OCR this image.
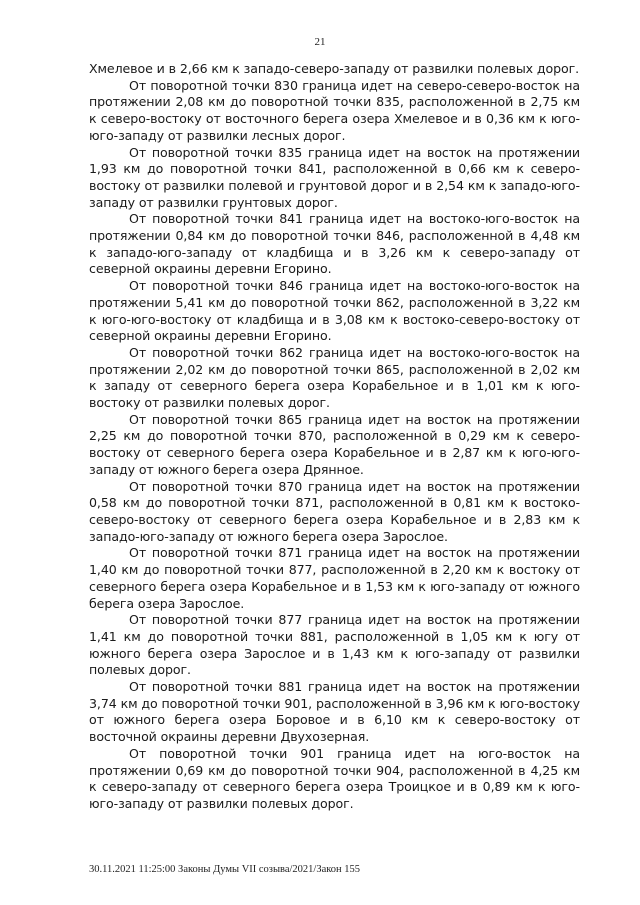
21

Хмелевое и в 2,66 км к западо-северо-западу от развилки полевых дорог.

От поворотной точки 830 граница идет на северо-северо-восток на протяжении 2,08 км до поворотной точки 835, расположенной в 2,75 км к северо-востоку от восточного берега озера Хмелевое и в 0,36 км к юго-юго-западу от развилки лесных дорог.

От поворотной точки 835 граница идет на восток на протяжении 1,93 км до поворотной точки 841, расположенной в 0,66 км к северо-востоку от развилки полевой и грунтовой дорог и в 2,54 км к западо-юго-западу от развилки грунтовых дорог.

От поворотной точки 841 граница идет на востоко-юго-восток на протяжении 0,84 км до поворотной точки 846, расположенной в 4,48 км к западо-юго-западу от кладбища и в 3,26 км к северо-западу от северной окраины деревни Егорино.

От поворотной точки 846 граница идет на востоко-юго-восток на протяжении 5,41 км до поворотной точки 862, расположенной в 3,22 км к юго-юго-востоку от кладбища и в 3,08 км к востоко-северо-востоку от северной окраины деревни Егорино.

От поворотной точки 862 граница идет на востоко-юго-восток на протяжении 2,02 км до поворотной точки 865, расположенной в 2,02 км к западу от северного берега озера Корабельное и в 1,01 км к юго-востоку от развилки полевых дорог.

От поворотной точки 865 граница идет на восток на протяжении 2,25 км до поворотной точки 870, расположенной в 0,29 км к северо-востоку от северного берега озера Корабельное и в 2,87 км к юго-юго-западу от южного берега озера Дрянное.

От поворотной точки 870 граница идет на восток на протяжении 0,58 км до поворотной точки 871, расположенной в 0,81 км к востоко-северо-востоку от северного берега озера Корабельное и в 2,83 км к западо-юго-западу от южного берега озера Зарослое.

От поворотной точки 871 граница идет на восток на протяжении 1,40 км до поворотной точки 877, расположенной в 2,20 км к востоку от северного берега озера Корабельное и в 1,53 км к юго-западу от южного берега озера Зарослое.

От поворотной точки 877 граница идет на восток на протяжении 1,41 км до поворотной точки 881, расположенной в 1,05 км к югу от южного берега озера Зарослое и в 1,43 км к юго-западу от развилки полевых дорог.

От поворотной точки 881 граница идет на восток на протяжении 3,74 км до поворотной точки 901, расположенной в 3,96 км к юго-востоку от южного берега озера Боровое и в 6,10 км к северо-востоку от восточной окраины деревни Двухозерная.

От поворотной точки 901 граница идет на юго-восток на протяжении 0,69 км до поворотной точки 904, расположенной в 4,25 км к северо-западу от северного берега озера Троицкое и в 0,89 км к юго-юго-западу от развилки полевых дорог.

30.11.2021 11:25:00 Законы Думы VII созыва/2021/Закон 155
